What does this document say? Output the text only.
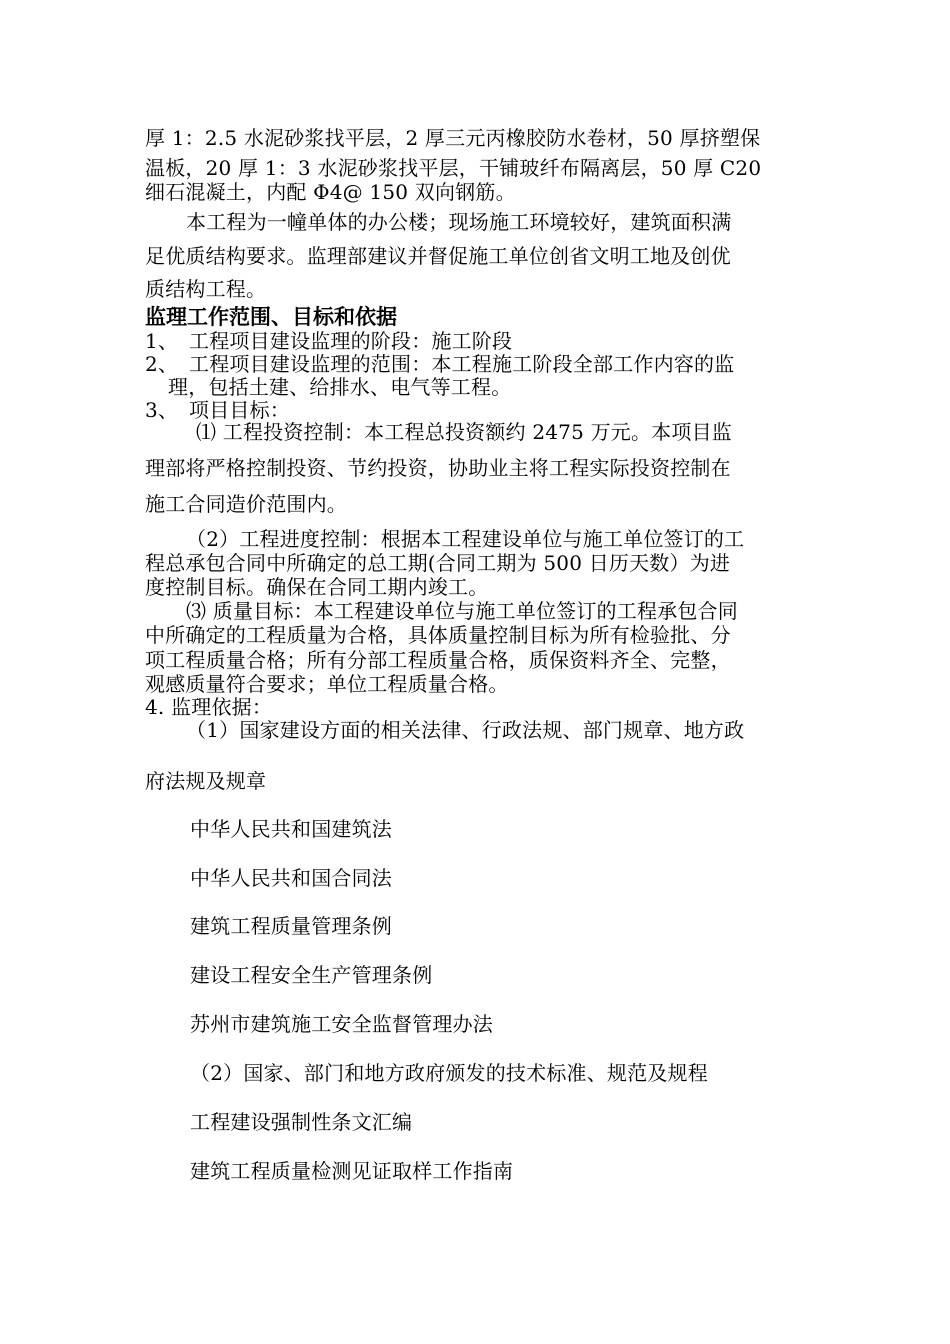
厚 1：2.5 水泥砂浆找平层，2 厚三元丙橡胶防水卷材，50 厚挤塑保
温板，20 厚 1：3 水泥砂浆找平层，干铺玻纤布隔离层，50 厚 C20
细石混凝土，内配 Φ4@ 150 双向钢筋。
本工程为一幢单体的办公楼；现场施工环境较好，建筑面积满
足优质结构要求。监理部建议并督促施工单位创省文明工地及创优
质结构工程。
监理工作范围、目标和依据
1、 工程项目建设监理的阶段：施工阶段
2、 工程项目建设监理的范围：本工程施工阶段全部工作内容的监
理，包括土建、给排水、电气等工程。
3、 项目目标：
⑴ 工程投资控制：本工程总投资额约 2475 万元。本项目监
理部将严格控制投资、节约投资，协助业主将工程实际投资控制在
施工合同造价范围内。
（2）工程进度控制：根据本工程建设单位与施工单位签订的工
程总承包合同中所确定的总工期(合同工期为 500 日历天数）为进
度控制目标。确保在合同工期内竣工。
⑶ 质量目标：本工程建设单位与施工单位签订的工程承包合同
中所确定的工程质量为合格，具体质量控制目标为所有检验批、分
项工程质量合格；所有分部工程质量合格，质保资料齐全、完整，
观感质量符合要求；单位工程质量合格。
4. 监理依据：
（1）国家建设方面的相关法律、行政法规、部门规章、地方政
府法规及规章
中华人民共和国建筑法
中华人民共和国合同法
建筑工程质量管理条例
建设工程安全生产管理条例
苏州市建筑施工安全监督管理办法
（2）国家、部门和地方政府颁发的技术标准、规范及规程
工程建设强制性条文汇编
建筑工程质量检测见证取样工作指南
